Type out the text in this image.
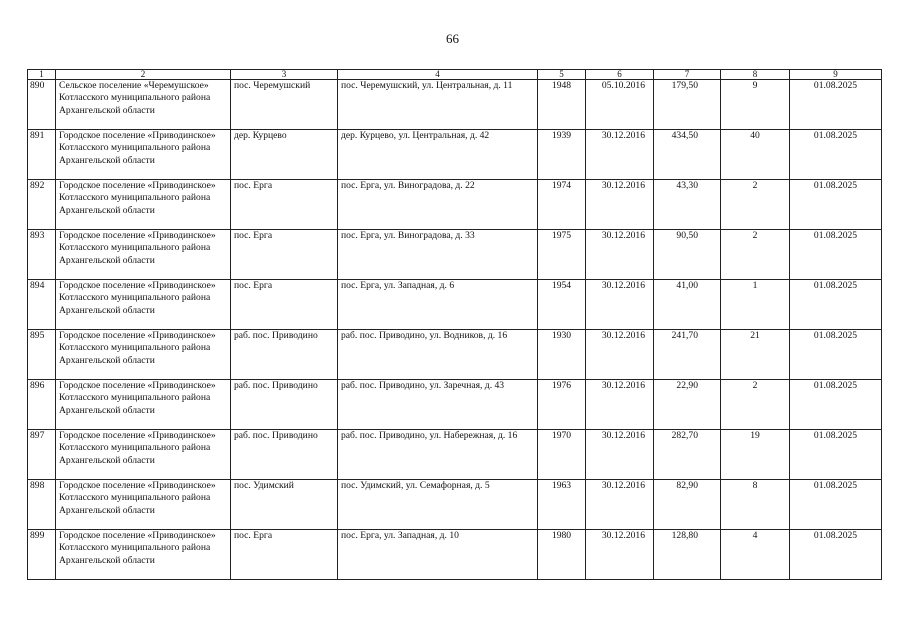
66
1	2	3	4	5	6	7	8	9
890	Сельское поселение «Черемушское» Котласского муниципального района Архангельской области	пос. Черемушский	пос. Черемушский, ул. Центральная, д. 11	1948	05.10.2016	179,50	9	01.08.2025
891	Городское поселение «Приводинское» Котласского муниципального района Архангельской области	дер. Курцево	дер. Курцево, ул. Центральная, д. 42	1939	30.12.2016	434,50	40	01.08.2025
892	Городское поселение «Приводинское» Котласского муниципального района Архангельской области	пос. Ерга	пос. Ерга, ул. Виноградова, д. 22	1974	30.12.2016	43,30	2	01.08.2025
893	Городское поселение «Приводинское» Котласского муниципального района Архангельской области	пос. Ерга	пос. Ерга, ул. Виноградова, д. 33	1975	30.12.2016	90,50	2	01.08.2025
894	Городское поселение «Приводинское» Котласского муниципального района Архангельской области	пос. Ерга	пос. Ерга, ул. Западная, д. 6	1954	30.12.2016	41,00	1	01.08.2025
895	Городское поселение «Приводинское» Котласского муниципального района Архангельской области	раб. пос. Приводино	раб. пос. Приводино, ул. Водников, д. 16	1930	30.12.2016	241,70	21	01.08.2025
896	Городское поселение «Приводинское» Котласского муниципального района Архангельской области	раб. пос. Приводино	раб. пос. Приводино, ул. Заречная, д. 43	1976	30.12.2016	22,90	2	01.08.2025
897	Городское поселение «Приводинское» Котласского муниципального района Архангельской области	раб. пос. Приводино	раб. пос. Приводино, ул. Набережная, д. 16	1970	30.12.2016	282,70	19	01.08.2025
898	Городское поселение «Приводинское» Котласского муниципального района Архангельской области	пос. Удимский	пос. Удимский, ул. Семафорная, д. 5	1963	30.12.2016	82,90	8	01.08.2025
899	Городское поселение «Приводинское» Котласского муниципального района Архангельской области	пос. Ерга	пос. Ерга, ул. Западная, д. 10	1980	30.12.2016	128,80	4	01.08.2025
